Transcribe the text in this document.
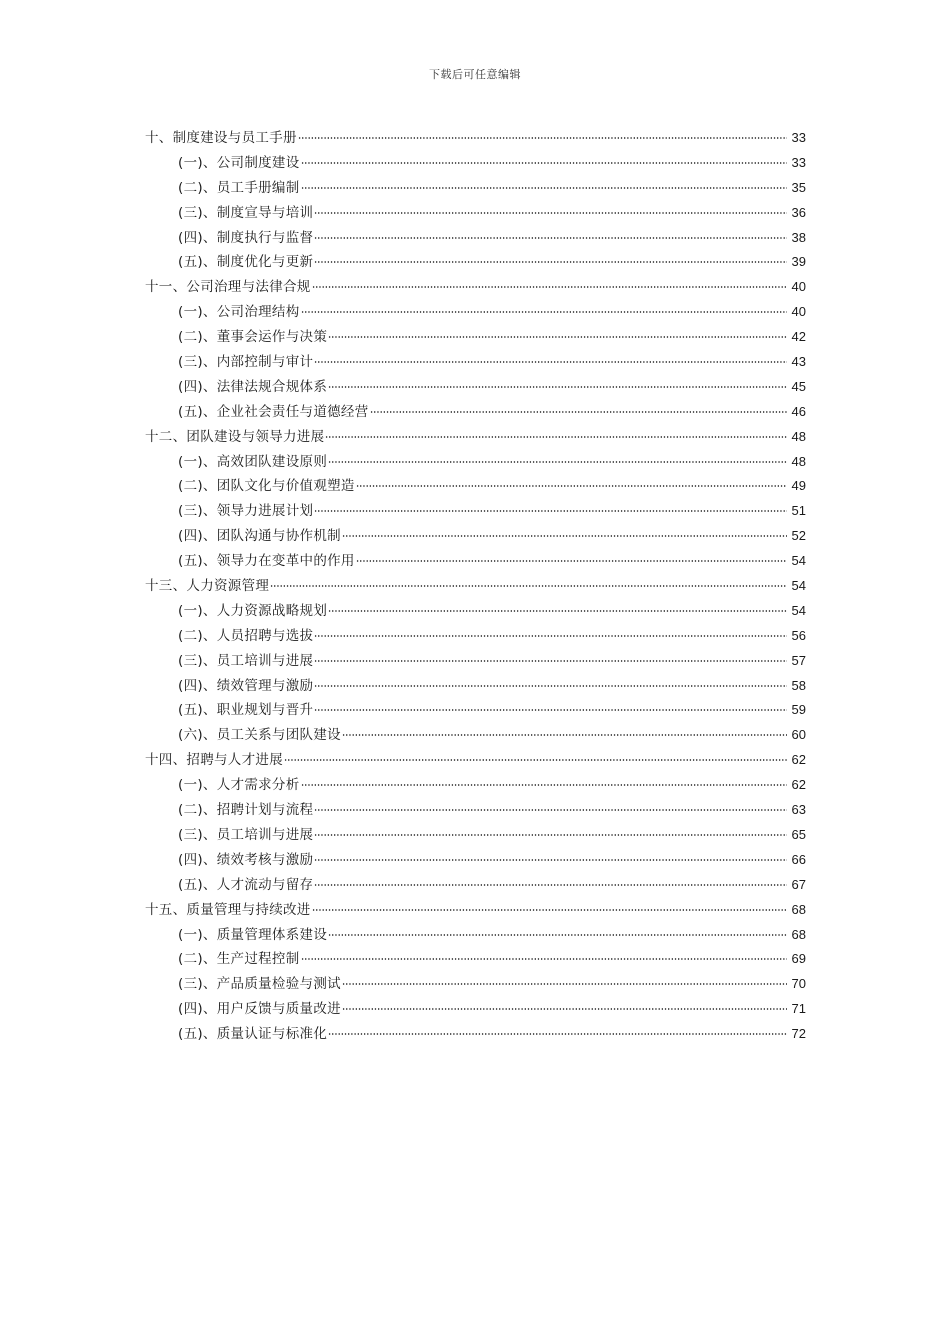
下载后可任意编辑
十、制度建设与员工手册	33
(一)、公司制度建设	33
(二)、员工手册编制	35
(三)、制度宣导与培训	36
(四)、制度执行与监督	38
(五)、制度优化与更新	39
十一、公司治理与法律合规	40
(一)、公司治理结构	40
(二)、董事会运作与决策	42
(三)、内部控制与审计	43
(四)、法律法规合规体系	45
(五)、企业社会责任与道德经营	46
十二、团队建设与领导力进展	48
(一)、高效团队建设原则	48
(二)、团队文化与价值观塑造	49
(三)、领导力进展计划	51
(四)、团队沟通与协作机制	52
(五)、领导力在变革中的作用	54
十三、人力资源管理	54
(一)、人力资源战略规划	54
(二)、人员招聘与选拔	56
(三)、员工培训与进展	57
(四)、绩效管理与激励	58
(五)、职业规划与晋升	59
(六)、员工关系与团队建设	60
十四、招聘与人才进展	62
(一)、人才需求分析	62
(二)、招聘计划与流程	63
(三)、员工培训与进展	65
(四)、绩效考核与激励	66
(五)、人才流动与留存	67
十五、质量管理与持续改进	68
(一)、质量管理体系建设	68
(二)、生产过程控制	69
(三)、产品质量检验与测试	70
(四)、用户反馈与质量改进	71
(五)、质量认证与标准化	72
